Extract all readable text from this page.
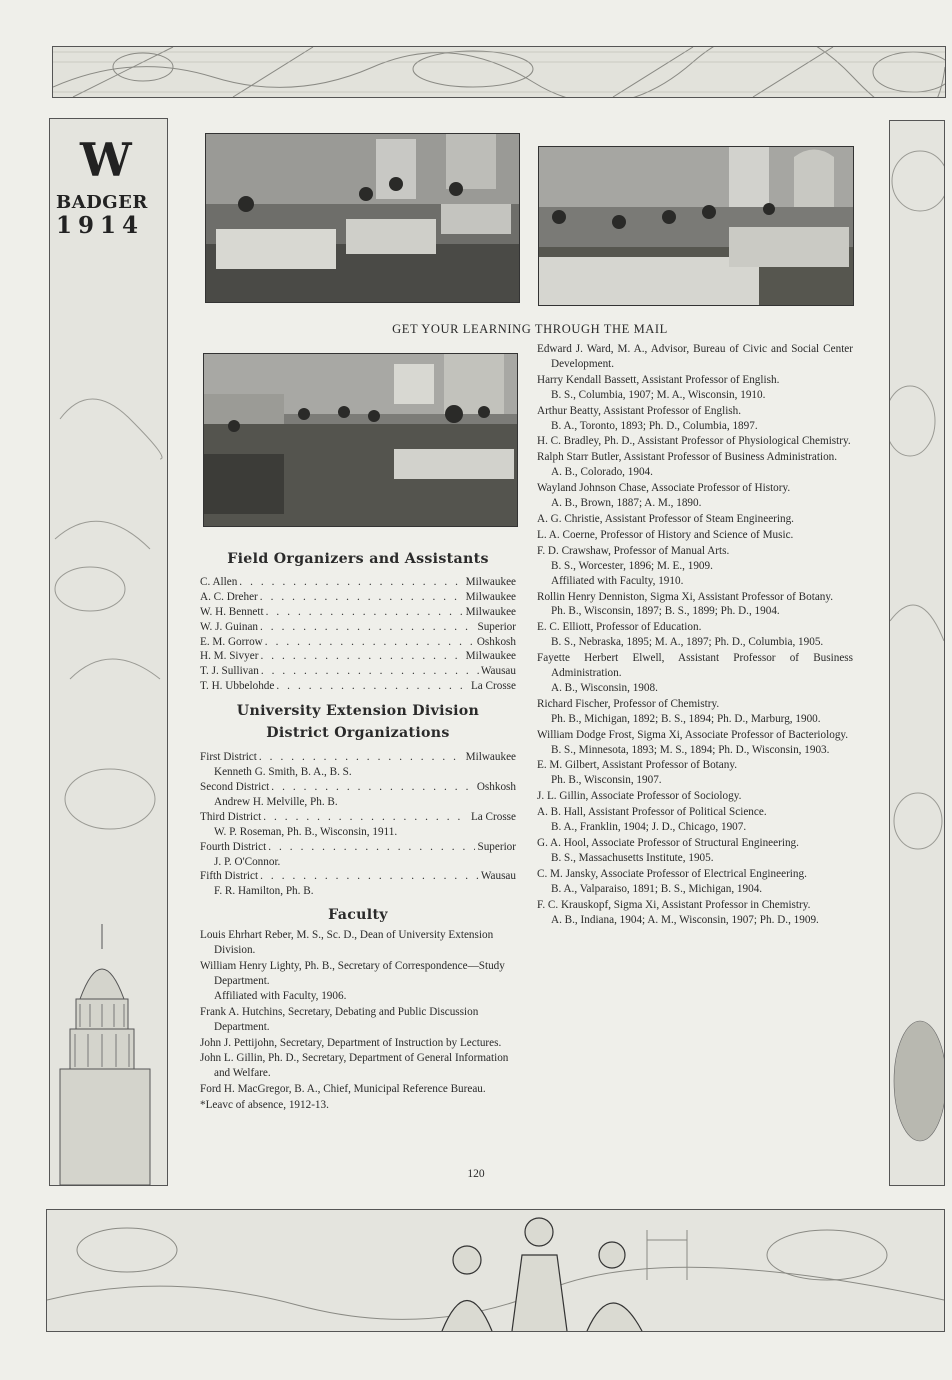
W
BADGER
1914
GET YOUR LEARNING THROUGH THE MAIL

Field Organizers and Assistants

C. Allen . . .	Milwaukee
A. C. Dreher . . .	Milwaukee
W. H. Bennett . . .	Milwaukee
W. J. Guinan . . .	Superior
E. M. Gorrow . . .	Oshkosh
H. M. Sivyer . . .	Milwaukee
T. J. Sullivan . . .	Wausau
T. H. Ubbelohde . . .	La Crosse

University Extension Division

District Organizations

First District . . .	Milwaukee

Kenneth G. Smith, B. A., B. S.

Second District . . .	Oshkosh

Andrew H. Melville, Ph. B.

Third District . . .	La Crosse

W. P. Roseman, Ph. B., Wisconsin, 1911.

Fourth District . . .	Superior

J. P. O'Connor.

Fifth District . . .	Wausau

F. R. Hamilton, Ph. B.

Faculty

Louis Ehrhart Reber, M. S., Sc. D., Dean of University Extension Division.

William Henry Lighty, Ph. B., Secretary of Correspondence—Study Department.

Affiliated with Faculty, 1906.

Frank A. Hutchins, Secretary, Debating and Public Discussion Department.

John J. Pettijohn, Secretary, Department of Instruction by Lectures.

John L. Gillin, Ph. D., Secretary, Department of General Information and Welfare.

Ford H. MacGregor, B. A., Chief, Municipal Reference Bureau.

*Leavc of absence, 1912-13.

Edward J. Ward, M. A., Advisor, Bureau of Civic and Social Center Development.

Harry Kendall Bassett, Assistant Professor of English.

B. S., Columbia, 1907; M. A., Wisconsin, 1910.

Arthur Beatty, Assistant Professor of English.

B. A., Toronto, 1893; Ph. D., Columbia, 1897.

H. C. Bradley, Ph. D., Assistant Professor of Physiological Chemistry.

Ralph Starr Butler, Assistant Professor of Business Administration.

A. B., Colorado, 1904.

Wayland Johnson Chase, Associate Professor of History.

A. B., Brown, 1887; A. M., 1890.

A. G. Christie, Assistant Professor of Steam Engineering.

L. A. Coerne, Professor of History and Science of Music.

F. D. Crawshaw, Professor of Manual Arts.

B. S., Worcester, 1896; M. E., 1909.

Affiliated with Faculty, 1910.

Rollin Henry Denniston, Sigma Xi, Assistant Professor of Botany.

Ph. B., Wisconsin, 1897; B. S., 1899; Ph. D., 1904.

E. C. Elliott, Professor of Education.

B. S., Nebraska, 1895; M. A., 1897; Ph. D., Columbia, 1905.

Fayette Herbert Elwell, Assistant Professor of Business Administration.

A. B., Wisconsin, 1908.

Richard Fischer, Professor of Chemistry.

Ph. B., Michigan, 1892; B. S., 1894; Ph. D., Marburg, 1900.

William Dodge Frost, Sigma Xi, Associate Professor of Bacteriology.

B. S., Minnesota, 1893; M. S., 1894; Ph. D., Wisconsin, 1903.

E. M. Gilbert, Assistant Professor of Botany.

Ph. B., Wisconsin, 1907.

J. L. Gillin, Associate Professor of Sociology.

A. B. Hall, Assistant Professor of Political Science.

B. A., Franklin, 1904; J. D., Chicago, 1907.

G. A. Hool, Associate Professor of Structural Engineering.

B. S., Massachusetts Institute, 1905.

C. M. Jansky, Associate Professor of Electrical Engineering.

B. A., Valparaiso, 1891; B. S., Michigan, 1904.

F. C. Krauskopf, Sigma Xi, Assistant Professor in Chemistry.

A. B., Indiana, 1904; A. M., Wisconsin, 1907; Ph. D., 1909.

120
